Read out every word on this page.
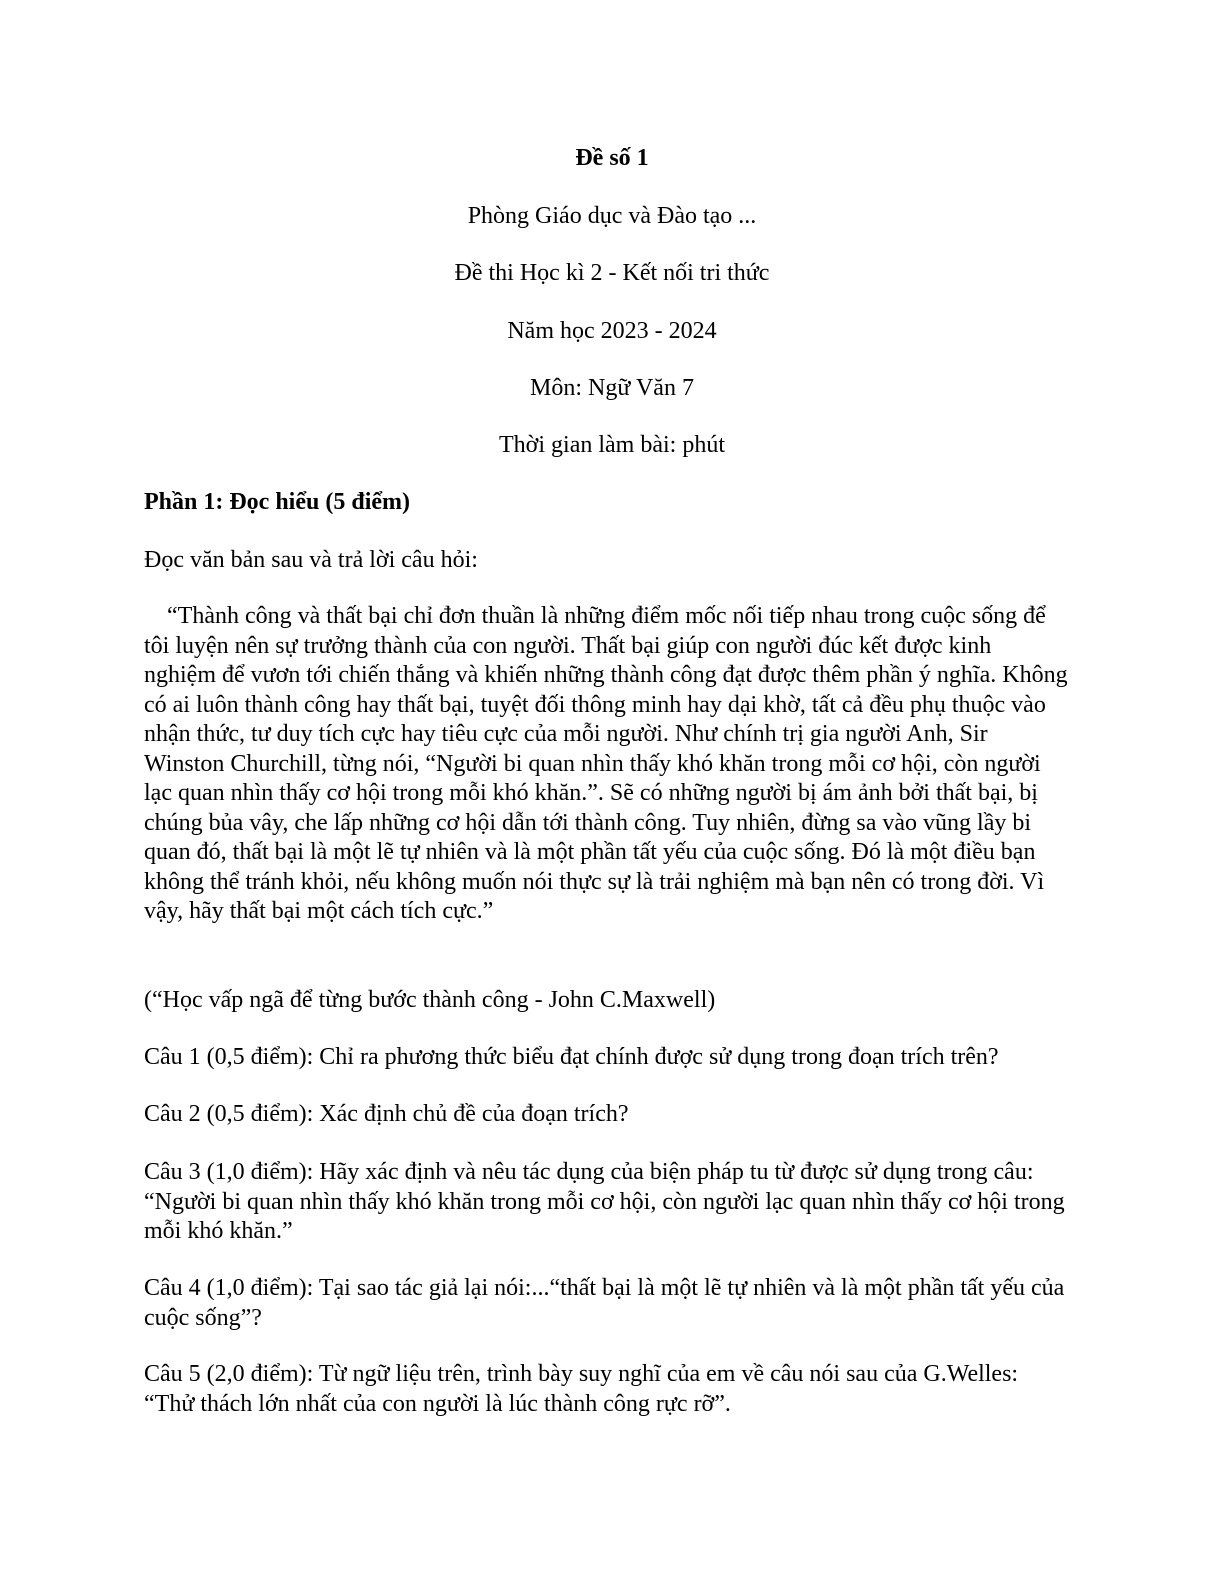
Đề số 1

Phòng Giáo dục và Đào tạo ...

Đề thi Học kì 2 - Kết nối tri thức

Năm học 2023 - 2024

Môn: Ngữ Văn 7

Thời gian làm bài: phút

Phần 1: Đọc hiểu (5 điểm)

Đọc văn bản sau và trả lời câu hỏi:

“Thành công và thất bại chỉ đơn thuần là những điểm mốc nối tiếp nhau trong cuộc sống để tôi luyện nên sự trưởng thành của con người. Thất bại giúp con người đúc kết được kinh nghiệm để vươn tới chiến thắng và khiến những thành công đạt được thêm phần ý nghĩa. Không có ai luôn thành công hay thất bại, tuyệt đối thông minh hay dại khờ, tất cả đều phụ thuộc vào nhận thức, tư duy tích cực hay tiêu cực của mỗi người. Như chính trị gia người Anh, Sir Winston Churchill, từng nói, “Người bi quan nhìn thấy khó khăn trong mỗi cơ hội, còn người lạc quan nhìn thấy cơ hội trong mỗi khó khăn.”. Sẽ có những người bị ám ảnh bởi thất bại, bị chúng bủa vây, che lấp những cơ hội dẫn tới thành công. Tuy nhiên, đừng sa vào vũng lầy bi quan đó, thất bại là một lẽ tự nhiên và là một phần tất yếu của cuộc sống. Đó là một điều bạn không thể tránh khỏi, nếu không muốn nói thực sự là trải nghiệm mà bạn nên có trong đời. Vì vậy, hãy thất bại một cách tích cực.”

(“Học vấp ngã để từng bước thành công - John C.Maxwell)

Câu 1 (0,5 điểm): Chỉ ra phương thức biểu đạt chính được sử dụng trong đoạn trích trên?

Câu 2 (0,5 điểm): Xác định chủ đề của đoạn trích?

Câu 3 (1,0 điểm): Hãy xác định và nêu tác dụng của biện pháp tu từ được sử dụng trong câu: “Người bi quan nhìn thấy khó khăn trong mỗi cơ hội, còn người lạc quan nhìn thấy cơ hội trong mỗi khó khăn.”

Câu 4 (1,0 điểm): Tại sao tác giả lại nói:...“thất bại là một lẽ tự nhiên và là một phần tất yếu của cuộc sống”?

Câu 5 (2,0 điểm): Từ ngữ liệu trên, trình bày suy nghĩ của em về câu nói sau của G.Welles: “Thử thách lớn nhất của con người là lúc thành công rực rỡ”.
